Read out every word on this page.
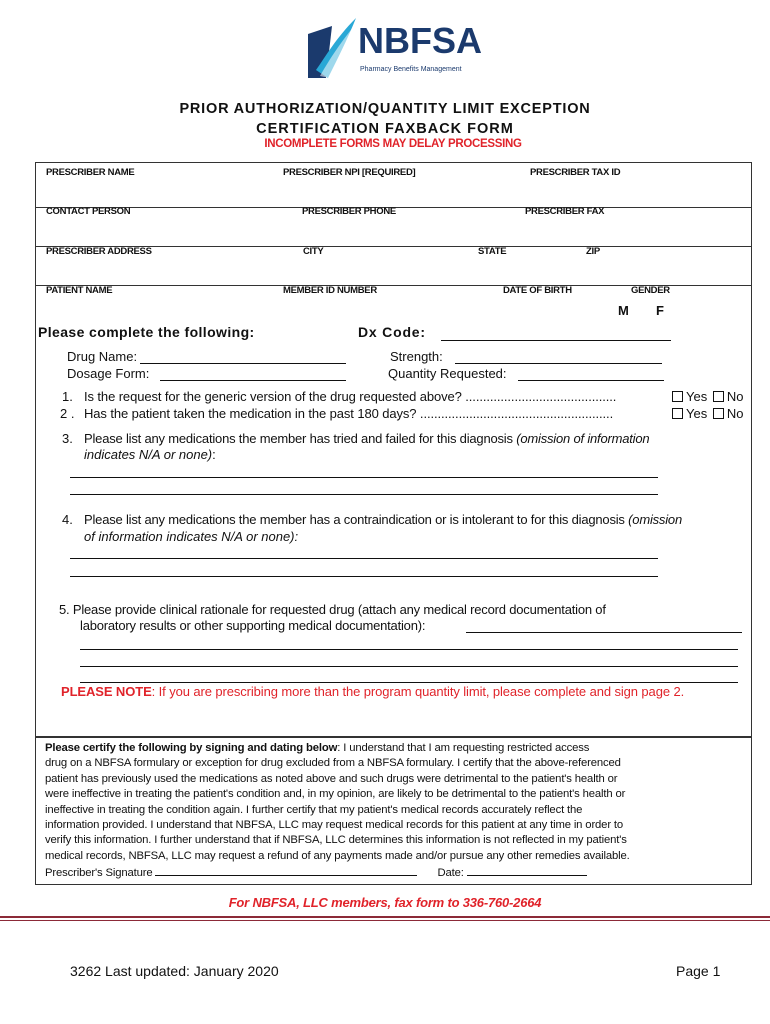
NBFSA
Pharmacy Benefits Management
PRIOR AUTHORIZATION/QUANTITY LIMIT EXCEPTION
CERTIFICATION FAXBACK FORM
INCOMPLETE FORMS MAY DELAY PROCESSING
PRESCRIBER NAME	PRESCRIBER NPI [REQUIRED]	PRESCRIBER TAX ID
CONTACT PERSON	PRESCRIBER PHONE	PRESCRIBER FAX
PRESCRIBER ADDRESS	CITY	STATE	ZIP
PATIENT NAME	MEMBER ID NUMBER	DATE OF BIRTH	GENDER
M F
Please complete the following:	Dx Code:
Drug Name:	Strength:
Dosage Form:	Quantity Requested:
1. Is the request for the generic version of the drug requested above? ...........................................	Yes No
2 . Has the patient taken the medication in the past 180 days? .......................................................	Yes No
3. Please list any medications the member has tried and failed for this diagnosis (omission of information
indicates N/A or none):
4. Please list any medications the member has a contraindication or is intolerant to for this diagnosis (omission
of information indicates N/A or none):
5. Please provide clinical rationale for requested drug (attach any medical record documentation of
laboratory results or other supporting medical documentation):
PLEASE NOTE: If you are prescribing more than the program quantity limit, please complete and sign page 2.
Please certify the following by signing and dating below: I understand that I am requesting restricted access
drug on a NBFSA formulary or exception for drug excluded from a NBFSA formulary. I certify that the above-referenced
patient has previously used the medications as noted above and such drugs were detrimental to the patient's health or
were ineffective in treating the patient's condition and, in my opinion, are likely to be detrimental to the patient's health or
ineffective in treating the condition again. I further certify that my patient's medical records accurately reflect the
information provided. I understand that NBFSA, LLC may request medical records for this patient at any time in order to
verify this information. I further understand that if NBFSA, LLC determines this information is not reflected in my patient's
medical records, NBFSA, LLC may request a refund of any payments made and/or pursue any other remedies available.
Prescriber's Signature	Date:
For NBFSA, LLC members, fax form to 336-760-2664
3262 Last updated: January 2020	Page 1
